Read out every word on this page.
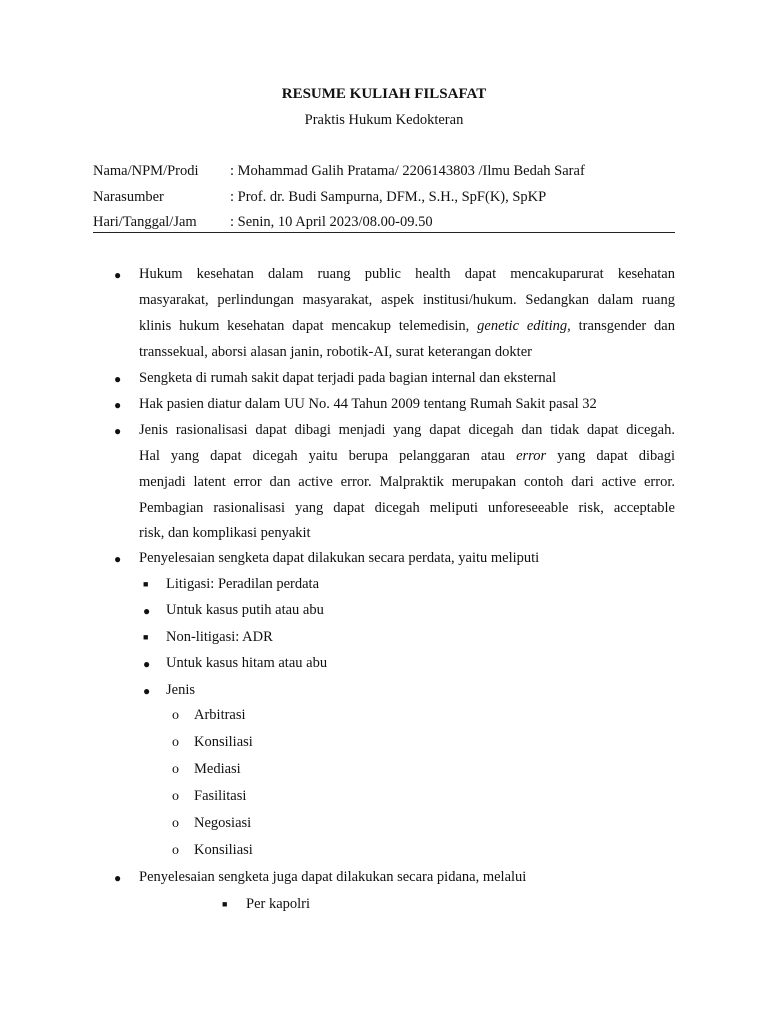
RESUME KULIAH FILSAFAT
Praktis Hukum Kedokteran
Nama/NPM/Prodi : Mohammad Galih Pratama/ 2206143803 /Ilmu Bedah Saraf
Narasumber	: Prof. dr. Budi Sampurna, DFM., S.H., SpF(K), SpKP
Hari/Tanggal/Jam : Senin, 10 April 2023/08.00-09.50
● Hukum kesehatan dalam ruang public health dapat mencakuparurat kesehatan
masyarakat, perlindungan masyarakat, aspek institusi/hukum. Sedangkan dalam ruang
klinis hukum kesehatan dapat mencakup telemedisin, genetic editing, transgender dan
transsekual, aborsi alasan janin, robotik-AI, surat keterangan dokter
● Sengketa di rumah sakit dapat terjadi pada bagian internal dan eksternal
● Hak pasien diatur dalam UU No. 44 Tahun 2009 tentang Rumah Sakit pasal 32
● Jenis rasionalisasi dapat dibagi menjadi yang dapat dicegah dan tidak dapat dicegah.
Hal yang dapat dicegah yaitu berupa pelanggaran atau error yang dapat dibagi
menjadi latent error dan active error. Malpraktik merupakan contoh dari active error.
Pembagian rasionalisasi yang dapat dicegah meliputi unforeseeable risk, acceptable
risk, dan komplikasi penyakit
● Penyelesaian sengketa dapat dilakukan secara perdata, yaitu meliputi
■ Litigasi: Peradilan perdata
● Untuk kasus putih atau abu
■ Non-litigasi: ADR
● Untuk kasus hitam atau abu
● Jenis
o Arbitrasi
o Konsiliasi
o Mediasi
o Fasilitasi
o Negosiasi
o Konsiliasi
● Penyelesaian sengketa juga dapat dilakukan secara pidana, melalui
■ Per kapolri
